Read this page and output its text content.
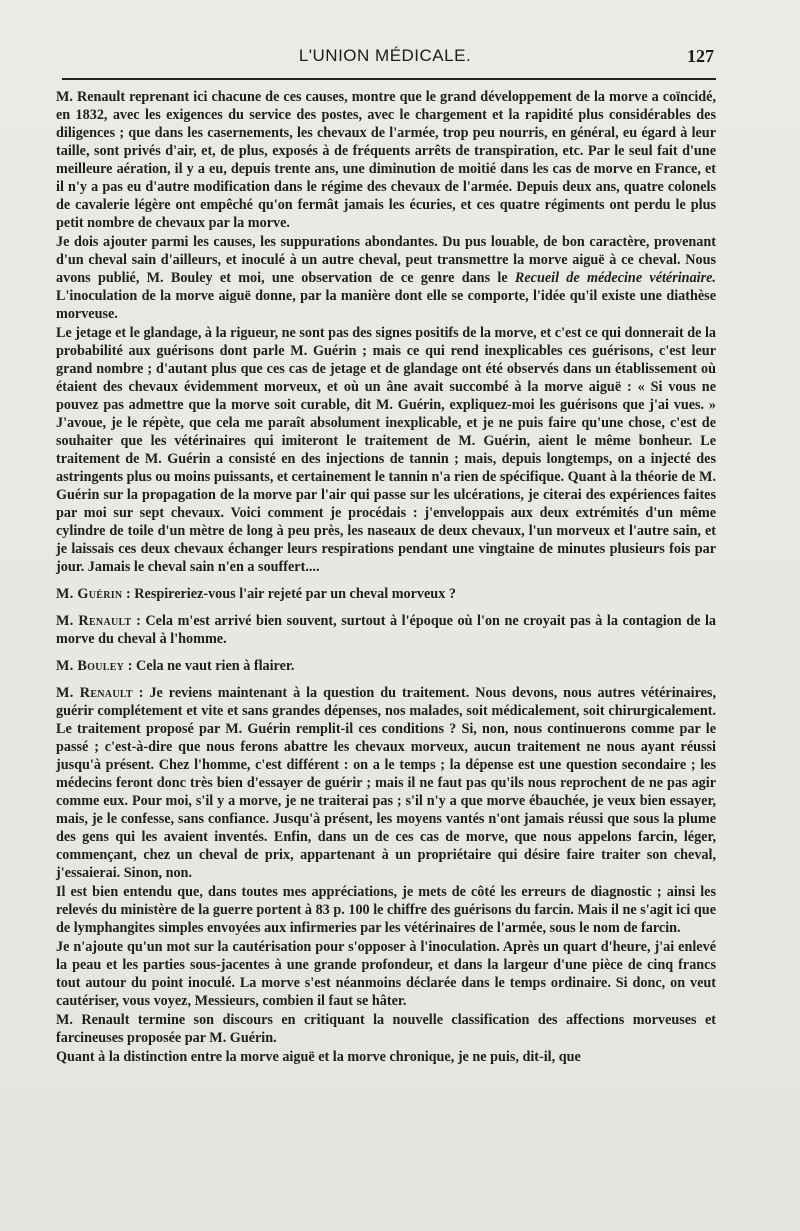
L'UNION MÉDICALE.	127

M. Renault reprenant ici chacune de ces causes, montre que le grand développement de la morve a coïncidé, en 1832, avec les exigences du service des postes, avec le chargement et la rapidité plus considérables des diligences ; que dans les casernements, les chevaux de l'armée, trop peu nourris, en général, eu égard à leur taille, sont privés d'air, et, de plus, exposés à de fréquents arrêts de transpiration, etc. Par le seul fait d'une meilleure aération, il y a eu, depuis trente ans, une diminution de moitié dans les cas de morve en France, et il n'y a pas eu d'autre modification dans le régime des chevaux de l'armée. Depuis deux ans, quatre colonels de cavalerie légère ont empêché qu'on fermât jamais les écuries, et ces quatre régiments ont perdu le plus petit nombre de chevaux par la morve.

Je dois ajouter parmi les causes, les suppurations abondantes. Du pus louable, de bon caractère, provenant d'un cheval sain d'ailleurs, et inoculé à un autre cheval, peut transmettre la morve aiguë à ce cheval. Nous avons publié, M. Bouley et moi, une observation de ce genre dans le Recueil de médecine vétérinaire. L'inoculation de la morve aiguë donne, par la manière dont elle se comporte, l'idée qu'il existe une diathèse morveuse.

Le jetage et le glandage, à la rigueur, ne sont pas des signes positifs de la morve, et c'est ce qui donnerait de la probabilité aux guérisons dont parle M. Guérin ; mais ce qui rend inexplicables ces guérisons, c'est leur grand nombre ; d'autant plus que ces cas de jetage et de glandage ont été observés dans un établissement où étaient des chevaux évidemment morveux, et où un âne avait succombé à la morve aiguë : « Si vous ne pouvez pas admettre que la morve soit curable, dit M. Guérin, expliquez-moi les guérisons que j'ai vues. » J'avoue, je le répète, que cela me paraît absolument inexplicable, et je ne puis faire qu'une chose, c'est de souhaiter que les vétérinaires qui imiteront le traitement de M. Guérin, aient le même bonheur. Le traitement de M. Guérin a consisté en des injections de tannin ; mais, depuis longtemps, on a injecté des astringents plus ou moins puissants, et certainement le tannin n'a rien de spécifique. Quant à la théorie de M. Guérin sur la propagation de la morve par l'air qui passe sur les ulcérations, je citerai des expériences faites par moi sur sept chevaux. Voici comment je procédais : j'enveloppais aux deux extrémités d'un même cylindre de toile d'un mètre de long à peu près, les naseaux de deux chevaux, l'un morveux et l'autre sain, et je laissais ces deux chevaux échanger leurs respirations pendant une vingtaine de minutes plusieurs fois par jour. Jamais le cheval sain n'en a souffert....

M. Guérin : Respireriez-vous l'air rejeté par un cheval morveux ?

M. Renault : Cela m'est arrivé bien souvent, surtout à l'époque où l'on ne croyait pas à la contagion de la morve du cheval à l'homme.

M. Bouley : Cela ne vaut rien à flairer.

M. Renault : Je reviens maintenant à la question du traitement. Nous devons, nous autres vétérinaires, guérir complétement et vite et sans grandes dépenses, nos malades, soit médicalement, soit chirurgicalement. Le traitement proposé par M. Guérin remplit-il ces conditions ? Si, non, nous continuerons comme par le passé ; c'est-à-dire que nous ferons abattre les chevaux morveux, aucun traitement ne nous ayant réussi jusqu'à présent. Chez l'homme, c'est différent : on a le temps ; la dépense est une question secondaire ; les médecins feront donc très bien d'essayer de guérir ; mais il ne faut pas qu'ils nous reprochent de ne pas agir comme eux. Pour moi, s'il y a morve, je ne traiterai pas ; s'il n'y a que morve ébauchée, je veux bien essayer, mais, je le confesse, sans confiance. Jusqu'à présent, les moyens vantés n'ont jamais réussi que sous la plume des gens qui les avaient inventés. Enfin, dans un de ces cas de morve, que nous appelons farcin, léger, commençant, chez un cheval de prix, appartenant à un propriétaire qui désire faire traiter son cheval, j'essaierai. Sinon, non.

Il est bien entendu que, dans toutes mes appréciations, je mets de côté les erreurs de diagnostic ; ainsi les relevés du ministère de la guerre portent à 83 p. 100 le chiffre des guérisons du farcin. Mais il ne s'agit ici que de lymphangites simples envoyées aux infirmeries par les vétérinaires de l'armée, sous le nom de farcin.

Je n'ajoute qu'un mot sur la cautérisation pour s'opposer à l'inoculation. Après un quart d'heure, j'ai enlevé la peau et les parties sous-jacentes à une grande profondeur, et dans la largeur d'une pièce de cinq francs tout autour du point inoculé. La morve s'est néanmoins déclarée dans le temps ordinaire. Si donc, on veut cautériser, vous voyez, Messieurs, combien il faut se hâter.

M. Renault termine son discours en critiquant la nouvelle classification des affections morveuses et farcineuses proposée par M. Guérin.

Quant à la distinction entre la morve aiguë et la morve chronique, je ne puis, dit-il, que
